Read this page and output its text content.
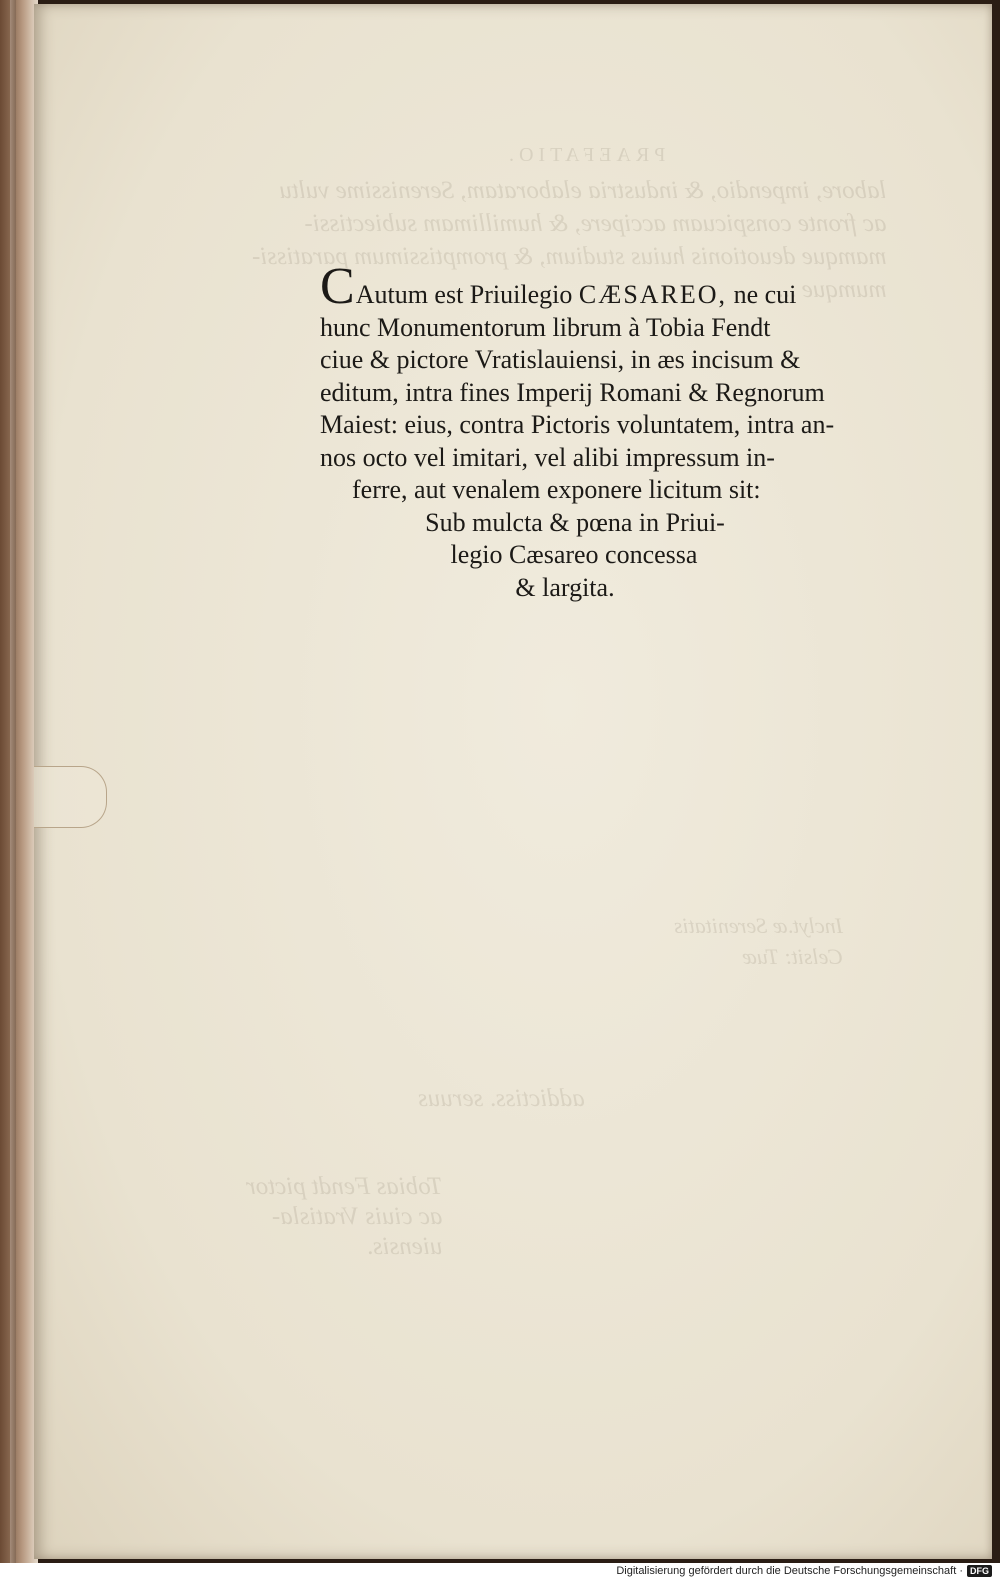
PRAEFATIO.
labore, impendio, & industria elaboratam, Serenissime vultu
ac fronte conspicuam accipere, & humillimam subiectissi-
mamque deuotionis huius studium, & promptissimum paratissi-
mumque ...
Inclyt.æ Serenitatis
Celsit: Tuæ
addictiss. seruus
Tobias Fendt pictor
ac ciuis Vratisla-
uiensis.
CAutum est Priuilegio CÆSAREO, ne cui
hunc Monumentorum librum à Tobia Fendt
ciue & pictore Vratislauiensi, in æs incisum &
editum, intra fines Imperij Romani & Regnorum
Maiest: eius, contra Pictoris voluntatem, intra an-
nos octo vel imitari, vel alibi impressum in-
ferre, aut venalem exponere licitum sit:
Sub mulcta & pœna in Priui-
legio Cæsareo concessa
& largita.
Digitalisierung gefördert durch die Deutsche Forschungsgemeinschaft · DFG
